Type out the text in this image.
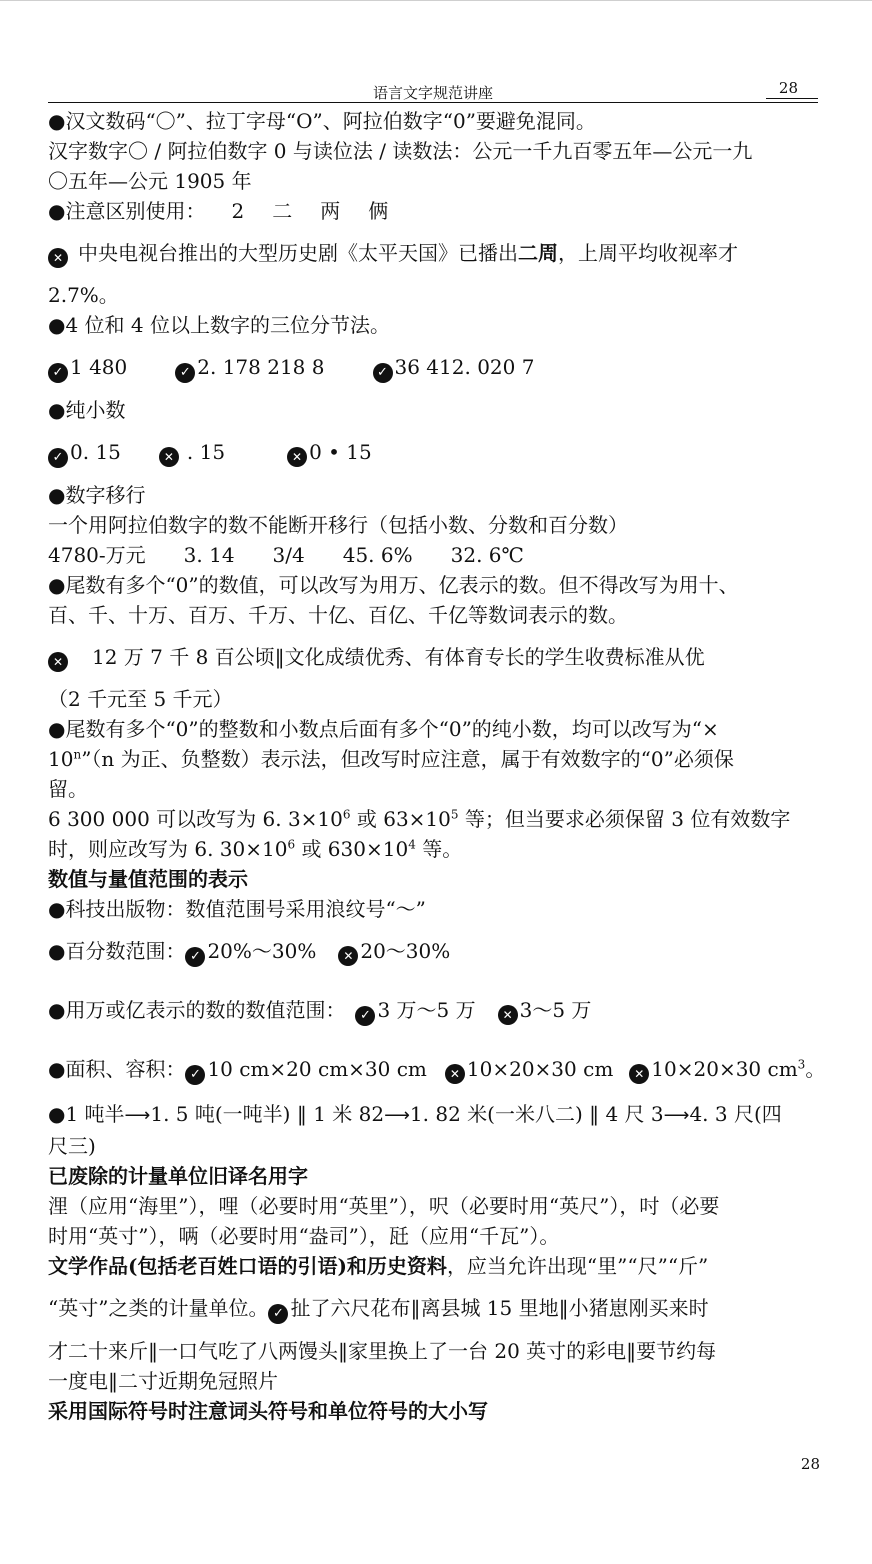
语言文字规范讲座	28
●汉文数码“〇”、拉丁字母“O”、阿拉伯数字“0”要避免混同。
汉字数字〇 / 阿拉伯数字 0 与读位法 / 读数法：公元一千九百零五年—公元一九
〇五年—公元 1905 年
●注意区别使用： 2 二 两 俩
✕ 中央电视台推出的大型历史剧《太平天国》已播出二周，上周平均收视率才
2.7%。
●4 位和 4 位以上数字的三位分节法。
✓ 1 480	✓ 2. 178 218 8	✓ 36 412. 020 7
●纯小数
✓ 0. 15	✕ . 15	✕ 0 • 15
●数字移行
一个用阿拉伯数字的数不能断开移行（包括小数、分数和百分数）
4780-万元 3. 14 3/4 45. 6% 32. 6℃
●尾数有多个“0”的数值，可以改写为用万、亿表示的数。但不得改写为用十、
百、千、十万、百万、千万、十亿、百亿、千亿等数词表示的数。
✕ 12 万 7 千 8 百公顷‖文化成绩优秀、有体育专长的学生收费标准从优
（2 千元至 5 千元）
●尾数有多个“0”的整数和小数点后面有多个“0”的纯小数，均可以改写为“×
$10^n”(n$ 为正、负整数）表示法，但改写时应注意，属于有效数字的“0”必须保
留。
6 300 000 可以改写为 6. $3\times 10^6$ 或 $63\times 10^5$ 等；但当要求必须保留 3 位有效数字
时，则应改写为 6. $30\times 10^6$ 或 $630\times 10^4$ 等。
数值与量值范围的表示
●科技出版物：数值范围号采用浪纹号“～”
●百分数范围： ✓ 20%～30% ✕ 20～30%
●用万或亿表示的数的数值范围： ✓ 3 万～5 万 ✕ 3～5 万
●面积、容积： ✓ 10 cm×20 cm×30 cm ✕ 10×20×30 cm ✕ 10×20×30 $cm^3$。
●1 吨半⟶1. 5 吨(一吨半) ‖ 1 米 82⟶1. 82 米(一米八二) ‖ 4 尺 3⟶4. 3 尺(四
尺三)
已废除的计量单位旧译名用字
浬（应用“海里”），哩（必要时用“英里”），呎（必要时用“英尺”），吋（必要
时用“英寸”），唡（必要时用“盎司”），瓩（应用“千瓦”）。
文学作品(包括老百姓口语的引语)和历史资料，应当允许出现“里”“尺”“斤”
“英寸”之类的计量单位。 ✓ 扯了六尺花布‖离县城 15 里地‖小猪崽刚买来时
才二十来斤‖一口气吃了八两馒头‖家里换上了一台 20 英寸的彩电‖要节约每
一度电‖二寸近期免冠照片
采用国际符号时注意词头符号和单位符号的大小写
28
